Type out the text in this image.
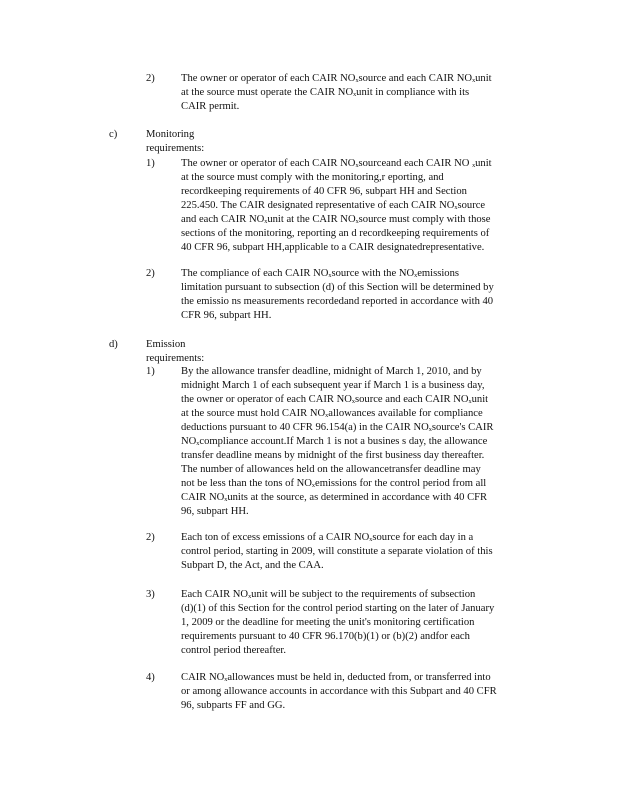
2) The owner or operator of each CAIR NOₓsource and each CAIR NOₓunit
at the source must operate the CAIR NOₓunit in compliance with its
CAIR permit.
c)	Monitoring requirements:
1) The owner or operator of each CAIR NOₓsourceand each CAIR NO ₓunit
at the source must comply with the monitoring,r eporting, and
recordkeeping requirements of 40 CFR 96, subpart HH and Section
225.450. The CAIR designated representative of each CAIR NOₓsource
and each CAIR NOₓunit at the CAIR NOₓsource must comply with those
sections of the monitoring, reporting an d recordkeeping requirements of
40 CFR 96, subpart HH,applicable to a CAIR designatedrepresentative.
2) The compliance of each CAIR NOₓsource with the NOₓemissions
limitation pursuant to subsection (d) of this Section will be determined by
the emissio ns measurements recordedand reported in accordance with 40
CFR 96, subpart HH.
d)	Emission requirements:
1) By the allowance transfer deadline, midnight of March 1, 2010, and by
midnight March 1 of each subsequent year if March 1 is a business day,
the owner or operator of each CAIR NOₓsource and each CAIR NOₓunit
at the source must hold CAIR NOₓallowances available for compliance
deductions pursuant to 40 CFR 96.154(a) in the CAIR NOₓsource's CAIR
NOₓcompliance account.If March 1 is not a busines s day, the allowance
transfer deadline means by midnight of the first business day thereafter.
The number of allowances held on the allowancetransfer deadline may
not be less than the tons of NOₓemissions for the control period from all
CAIR NOₓunits at the source, as determined in accordance with 40 CFR
96, subpart HH.
2) Each ton of excess emissions of a CAIR NOₓsource for each day in a
control period, starting in 2009, will constitute a separate violation of this
Subpart D, the Act, and the CAA.
3) Each CAIR NOₓunit will be subject to the requirements of subsection
(d)(1) of this Section for the control period starting on the later of January
1, 2009 or the deadline for meeting the unit's monitoring certification
requirements pursuant to 40 CFR 96.170(b)(1) or (b)(2) andfor each
control period thereafter.
4) CAIR NOₓallowances must be held in, deducted from, or transferred into
or among allowance accounts in accordance with this Subpart and 40 CFR
96, subparts FF and GG.
